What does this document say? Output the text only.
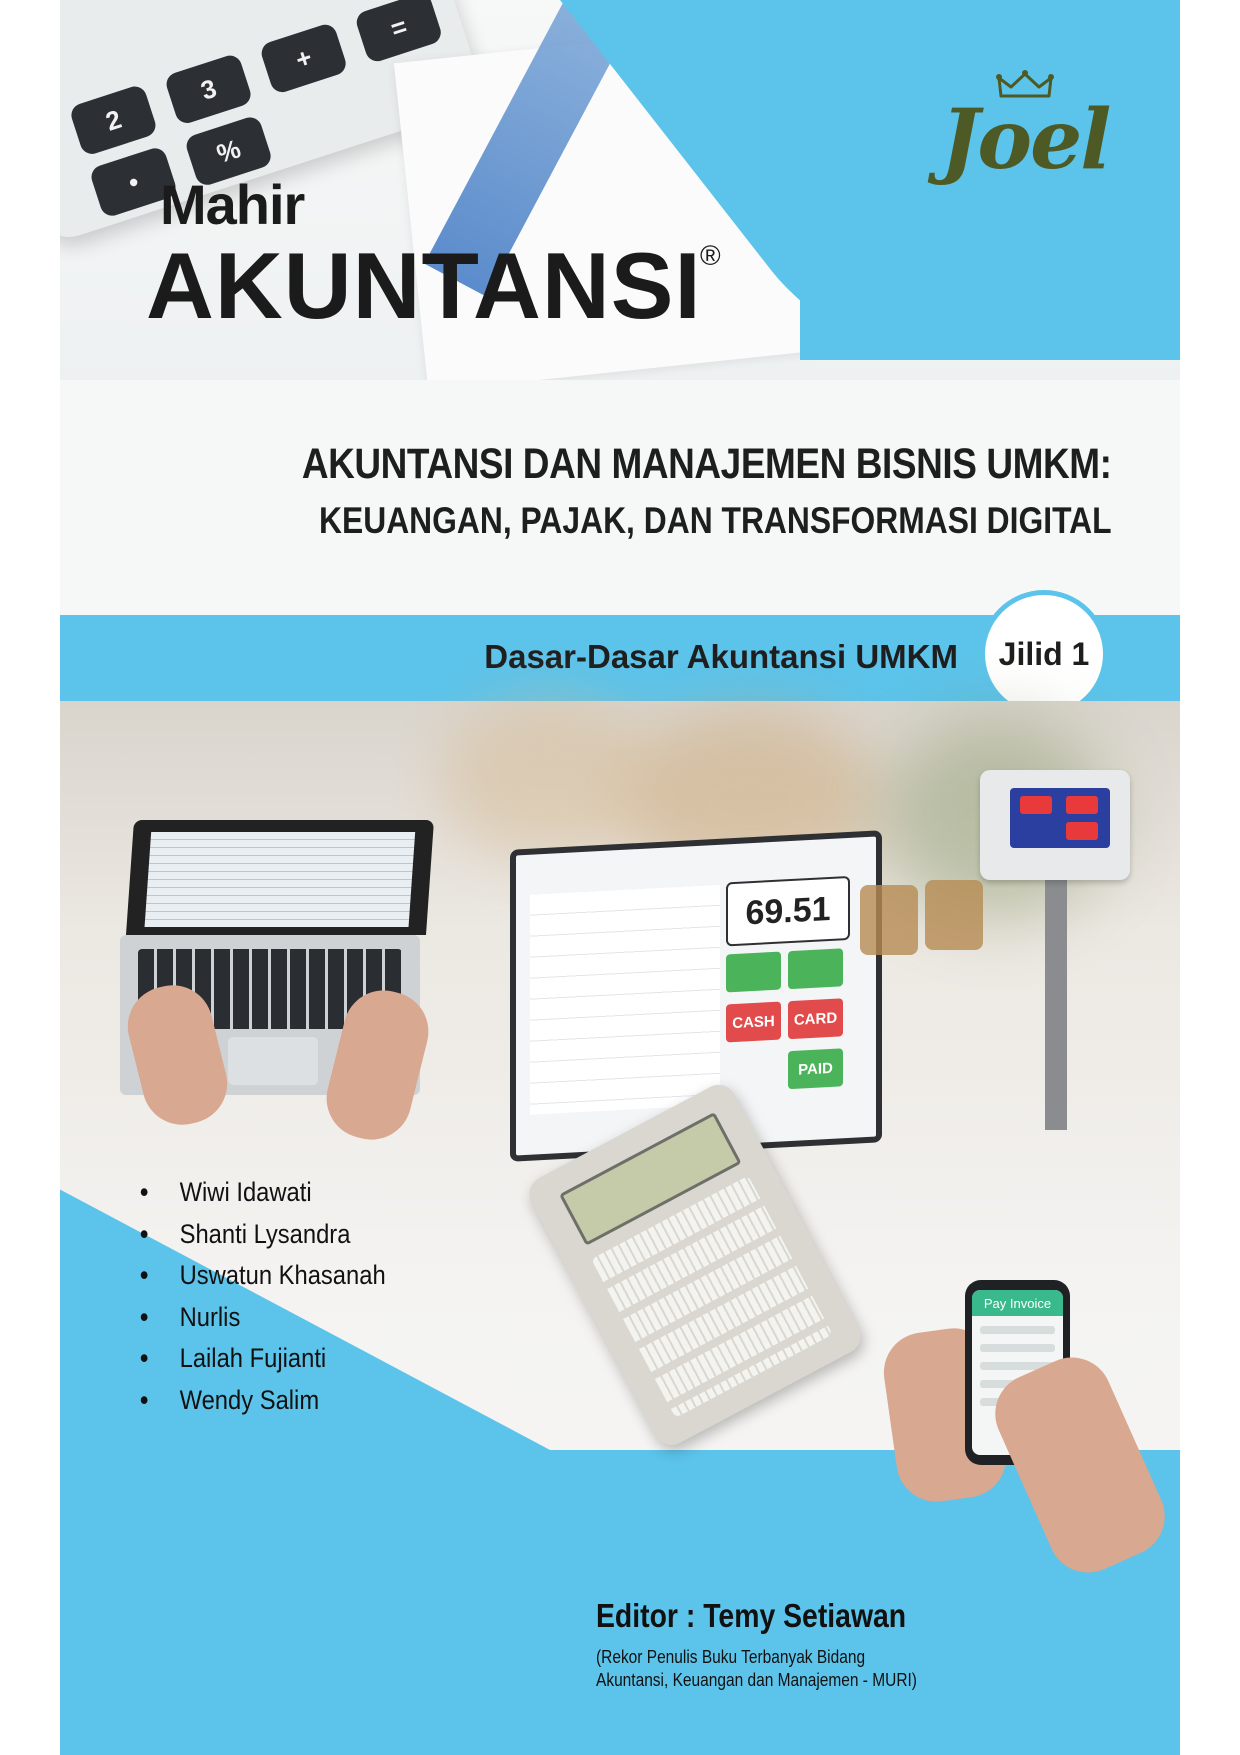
2
3
+
=
%
•	Joel
Mahir
AKUNTANSI
®
AKUNTANSI DAN MANAJEMEN BISNIS UMKM:
KEUANGAN, PAJAK, DAN TRANSFORMASI DIGITAL
Dasar-Dasar Akuntansi UMKM	Jilid 1
69.51
CASH	CARD
PAID
Pay Invoice
• Wiwi Idawati
• Shanti Lysandra
• Uswatun Khasanah
• Nurlis
• Lailah Fujianti
• Wendy Salim
Editor : Temy Setiawan
(Rekor Penulis Buku Terbanyak Bidang
Akuntansi, Keuangan dan Manajemen - MURI)
